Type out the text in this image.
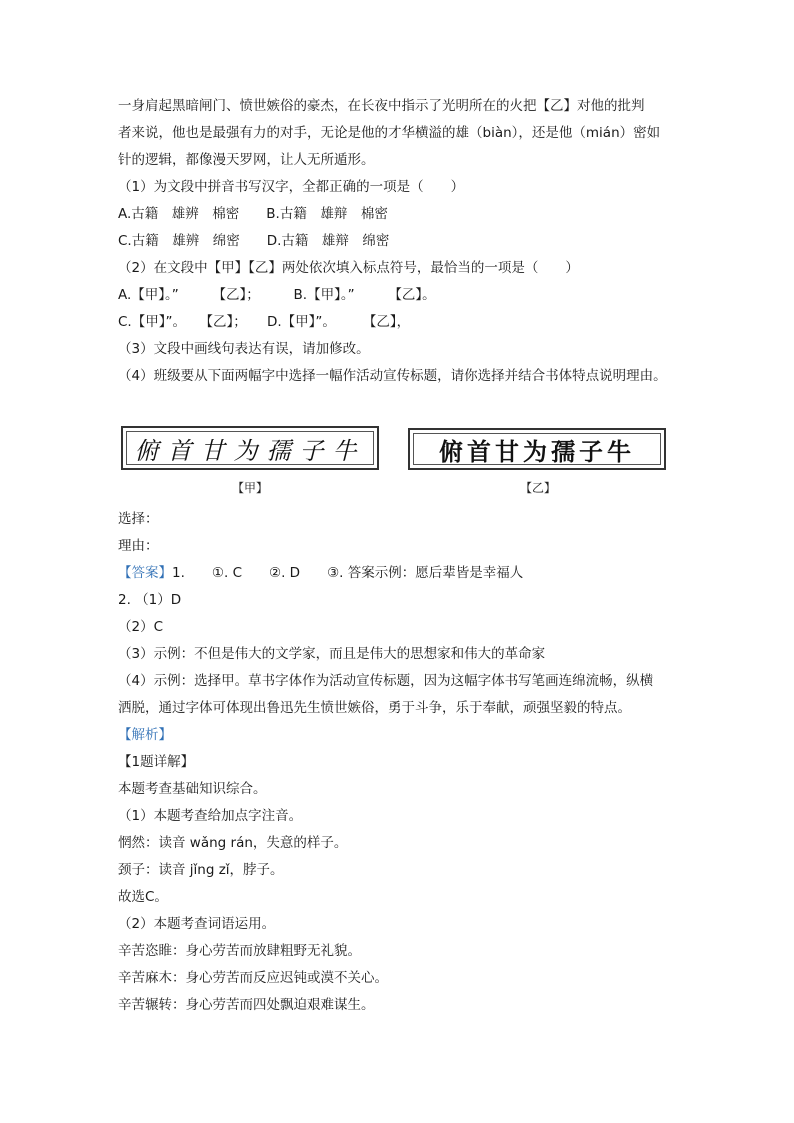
一身肩起黑暗闸门、愤世嫉俗的豪杰，在长夜中指示了光明所在的火把【乙】对他的批判
者来说，他也是最强有力的对手，无论是他的才华横溢的雄（biàn），还是他（mián）密如
针的逻辑，都像漫天罗网，让人无所遁形。
（1）为文段中拼音书写汉字，全都正确的一项是（　　）
A.古籍　雄辨　棉密　　B.古籍　雄辩　棉密
C.古籍　雄辨　绵密　　D.古籍　雄辩　绵密
（2）在文段中【甲】【乙】两处依次填入标点符号，最恰当的一项是（　　）
A.【甲】。”　　　【乙】；　　　B.【甲】。”　　　【乙】。
C.【甲】”。　　【乙】；　　D.【甲】”。　　　【乙】，
（3）文段中画线句表达有误，请加修改。
（4）班级要从下面两幅字中选择一幅作活动宣传标题，请你选择并结合书体特点说明理由。
俯首甘为孺子牛	俯首甘为孺子牛
【甲】	【乙】
选择：
理由：
【答案】1.　　①. C　　②. D　　③. 答案示例：愿后辈皆是幸福人
2. （1）D
（2）C
（3）示例：不但是伟大的文学家，而且是伟大的思想家和伟大的革命家
（4）示例：选择甲。草书字体作为活动宣传标题，因为这幅字体书写笔画连绵流畅，纵横
洒脱，通过字体可体现出鲁迅先生愤世嫉俗，勇于斗争，乐于奉献，顽强坚毅的特点。
【解析】
【1题详解】
本题考查基础知识综合。
（1）本题考查给加点字注音。
惘然：读音 wǎng rán，失意的样子。
颈子：读音 jǐng zǐ，脖子。
故选C。
（2）本题考查词语运用。
辛苦恣睢：身心劳苦而放肆粗野无礼貌。
辛苦麻木：身心劳苦而反应迟钝或漠不关心。
辛苦辗转：身心劳苦而四处飘迫艰难谋生。
